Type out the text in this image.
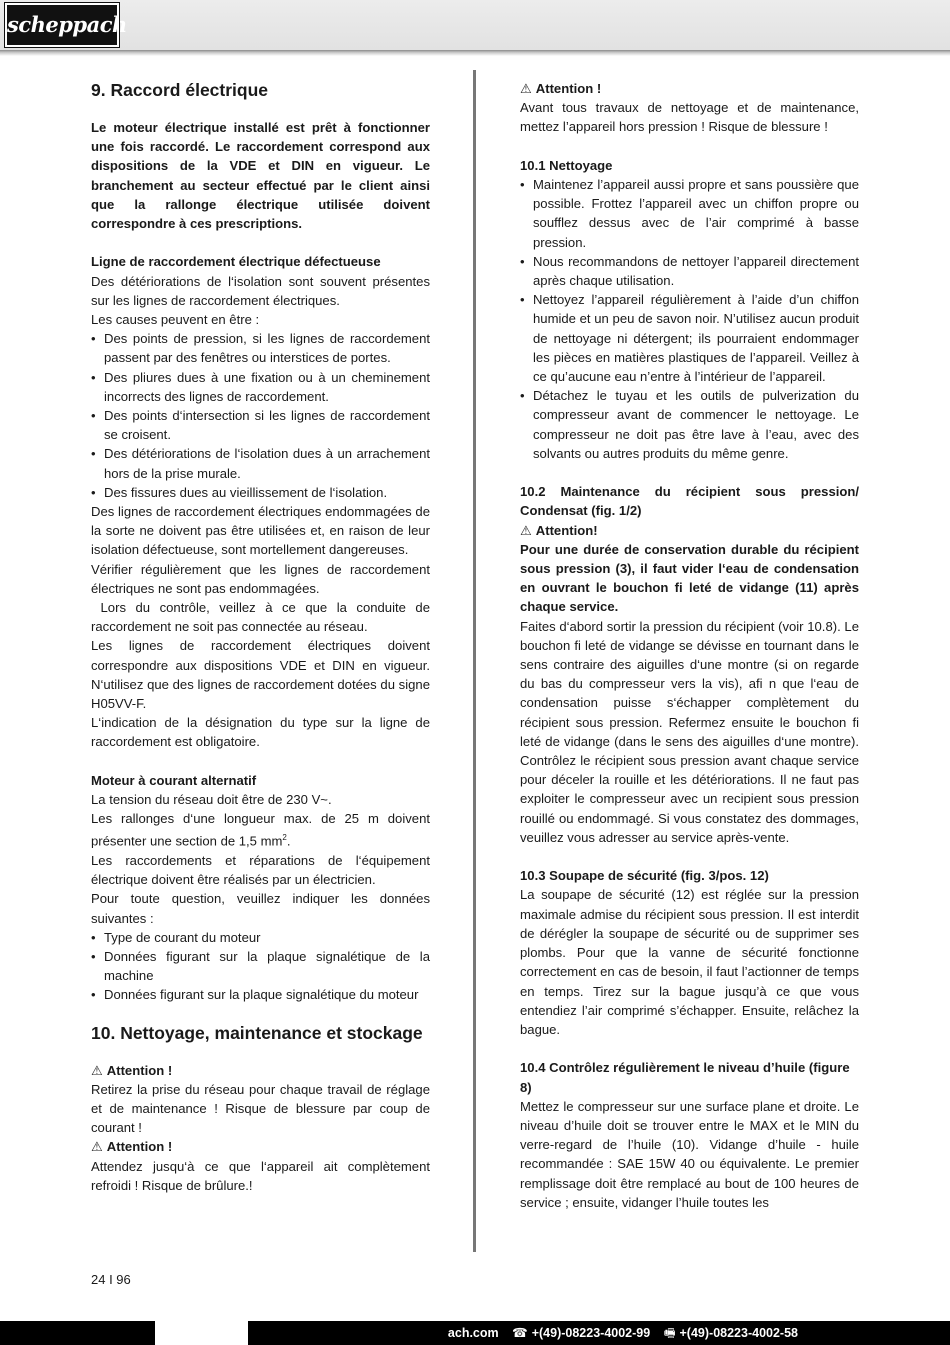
scheppach
9. Raccord électrique

Le moteur électrique installé est prêt à fonctionner une fois raccordé. Le raccordement correspond aux dispositions de la VDE et DIN en vigueur. Le branchement au secteur effectué par le client ainsi que la rallonge électrique utilisée doivent correspondre à ces prescriptions.

Ligne de raccordement électrique défectueuse

Des détériorations de l‘isolation sont souvent présentes sur les lignes de raccordement électriques.

Les causes peuvent en être :

• Des points de pression, si les lignes de raccordement passent par des fenêtres ou interstices de portes.
• Des pliures dues à une fixation ou à un cheminement incorrects des lignes de raccordement.
• Des points d‘intersection si les lignes de raccordement se croisent.
• Des détériorations de l‘isolation dues à un arrachement hors de la prise murale.
• Des fissures dues au vieillissement de l‘isolation.

Des lignes de raccordement électriques endommagées de la sorte ne doivent pas être utilisées et, en raison de leur isolation défectueuse, sont mortellement dangereuses.

Vérifier régulièrement que les lignes de raccordement électriques ne sont pas endommagées.

Lors du contrôle, veillez à ce que la conduite de raccordement ne soit pas connectée au réseau.

Les lignes de raccordement électriques doivent correspondre aux dispositions VDE et DIN en vigueur. N‘utilisez que des lignes de raccordement dotées du signe H05VV-F.

L‘indication de la désignation du type sur la ligne de raccordement est obligatoire.

Moteur à courant alternatif

La tension du réseau doit être de 230 V~.

Les rallonges d‘une longueur max. de 25 m doivent présenter une section de 1,5 $mm^2$.

Les raccordements et réparations de l‘équipement électrique doivent être réalisés par un électricien.

Pour toute question, veuillez indiquer les données suivantes :

• Type de courant du moteur
• Données figurant sur la plaque signalétique de la machine
• Données figurant sur la plaque signalétique du moteur
10. Nettoyage, maintenance et stockage

⚠ Attention !

Retirez la prise du réseau pour chaque travail de réglage et de maintenance ! Risque de blessure par coup de courant !

⚠ Attention !

Attendez jusqu‘à ce que l‘appareil ait complètement refroidi ! Risque de brûlure.!

⚠ Attention !

Avant tous travaux de nettoyage et de maintenance, mettez l’appareil hors pression ! Risque de blessure !

10.1 Nettoyage
• Maintenez l’appareil aussi propre et sans poussière que possible. Frottez l’appareil avec un chiffon propre ou soufflez dessus avec de l’air comprimé à basse pression.
• Nous recommandons de nettoyer l’appareil directement après chaque utilisation.
• Nettoyez l’appareil régulièrement à l’aide d’un chiffon humide et un peu de savon noir. N’utilisez aucun produit de nettoyage ni détergent; ils pourraient endommager les pièces en matières plastiques de l’appareil. Veillez à ce qu’aucune eau n’entre à l’intérieur de l’appareil.
• Détachez le tuyau et les outils de pulverization du compresseur avant de commencer le nettoyage. Le compresseur ne doit pas être lave à l’eau, avec des solvants ou autres produits du même genre.
10.2 Maintenance du récipient sous pression/ Condensat (fig. 1/2)

⚠ Attention!

Pour une durée de conservation durable du récipient sous pression (3), il faut vider l‘eau de condensation en ouvrant le bouchon fi leté de vidange (11) après chaque service.

Faites d‘abord sortir la pression du récipient (voir 10.8). Le bouchon fi leté de vidange se dévisse en tournant dans le sens contraire des aiguilles d‘une montre (si on regarde du bas du compresseur vers la vis), afi n que l‘eau de condensation puisse s‘échapper complètement du récipient sous pression. Refermez ensuite le bouchon fi leté de vidange (dans le sens des aiguilles d‘une montre). Contrôlez le récipient sous pression avant chaque service pour déceler la rouille et les détériorations. Il ne faut pas exploiter le compresseur avec un recipient sous pression rouillé ou endommagé. Si vous constatez des dommages, veuillez vous adresser au service après-vente.

10.3 Soupape de sécurité (fig. 3/pos. 12)

La soupape de sécurité (12) est réglée sur la pression maximale admise du récipient sous pression. Il est interdit de dérégler la soupape de sécurité ou de supprimer ses plombs. Pour que la vanne de sécurité fonctionne correctement en cas de besoin, il faut l’actionner de temps en temps. Tirez sur la bague jusqu’à ce que vous entendiez l’air comprimé s’échapper. Ensuite, relâchez la bague.

10.4 Contrôlez régulièrement le niveau d’huile (figure 8)

Mettez le compresseur sur une surface plane et droite. Le niveau d’huile doit se trouver entre le MAX et le MIN du verre-regard de l’huile (10). Vidange d’huile - huile recommandée : SAE 15W 40 ou équivalente. Le premier remplissage doit être remplacé au bout de 100 heures de service ; ensuite, vidanger l’huile toutes les

24 I 96
ach.com ☎ +(49)-08223-4002-99 🖷 +(49)-08223-4002-58
